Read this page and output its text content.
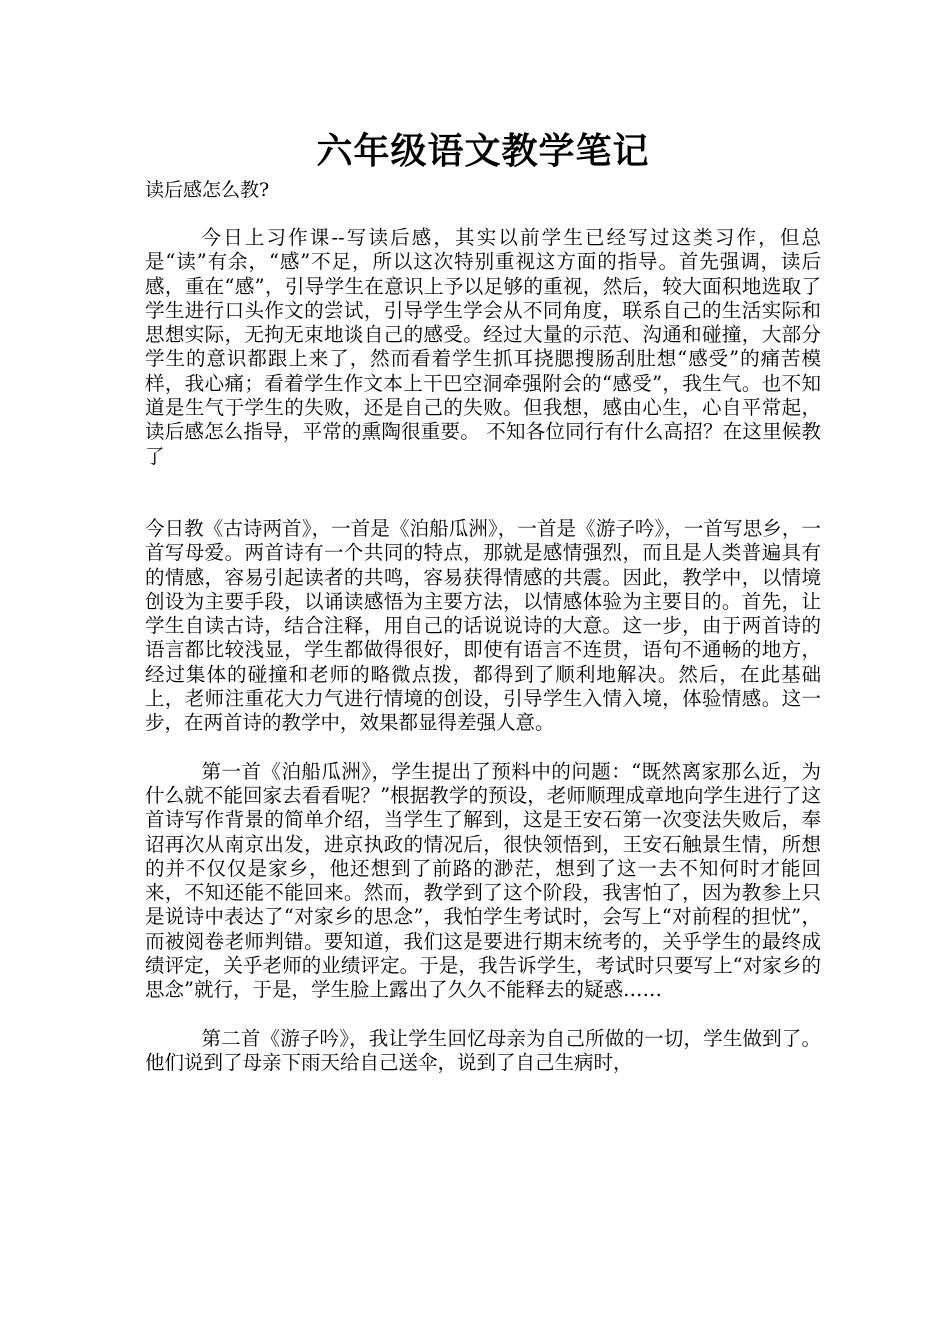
六年级语文教学笔记

读后感怎么教?

今日上习作课--写读后感，其实以前学生已经写过这类习作，但总是“读”有余，“感”不足，所以这次特别重视这方面的指导。首先强调，读后感，重在“感”，引导学生在意识上予以足够的重视，然后，较大面积地选取了学生进行口头作文的尝试，引导学生学会从不同角度，联系自己的生活实际和思想实际，无拘无束地谈自己的感受。经过大量的示范、沟通和碰撞，大部分学生的意识都跟上来了，然而看着学生抓耳挠腮搜肠刮肚想“感受”的痛苦模样，我心痛；看着学生作文本上干巴空洞牵强附会的“感受”，我生气。也不知道是生气于学生的失败，还是自己的失败。但我想，感由心生，心自平常起，读后感怎么指导，平常的熏陶很重要。 不知各位同行有什么高招？在这里候教了

今日教《古诗两首》，一首是《泊船瓜洲》，一首是《游子吟》，一首写思乡，一首写母爱。两首诗有一个共同的特点，那就是感情强烈，而且是人类普遍具有的情感，容易引起读者的共鸣，容易获得情感的共震。因此，教学中，以情境创设为主要手段，以诵读感悟为主要方法，以情感体验为主要目的。首先，让学生自读古诗，结合注释，用自己的话说说诗的大意。这一步，由于两首诗的语言都比较浅显，学生都做得很好，即使有语言不连贯，语句不通畅的地方，经过集体的碰撞和老师的略微点拨，都得到了顺利地解决。然后，在此基础上，老师注重花大力气进行情境的创设，引导学生入情入境，体验情感。这一步，在两首诗的教学中，效果都显得差强人意。

第一首《泊船瓜洲》，学生提出了预料中的问题：“既然离家那么近，为什么就不能回家去看看呢？”根据教学的预设，老师顺理成章地向学生进行了这首诗写作背景的简单介绍，当学生了解到，这是王安石第一次变法失败后，奉诏再次从南京出发，进京执政的情况后，很快领悟到，王安石触景生情，所想的并不仅仅是家乡，他还想到了前路的渺茫，想到了这一去不知何时才能回来，不知还能不能回来。然而，教学到了这个阶段，我害怕了，因为教参上只是说诗中表达了“对家乡的思念”，我怕学生考试时，会写上“对前程的担忧”，而被阅卷老师判错。要知道，我们这是要进行期末统考的，关乎学生的最终成绩评定，关乎老师的业绩评定。于是，我告诉学生，考试时只要写上“对家乡的思念”就行，于是，学生脸上露出了久久不能释去的疑惑……

第二首《游子吟》，我让学生回忆母亲为自己所做的一切，学生做到了。他们说到了母亲下雨天给自己送伞，说到了自己生病时，
